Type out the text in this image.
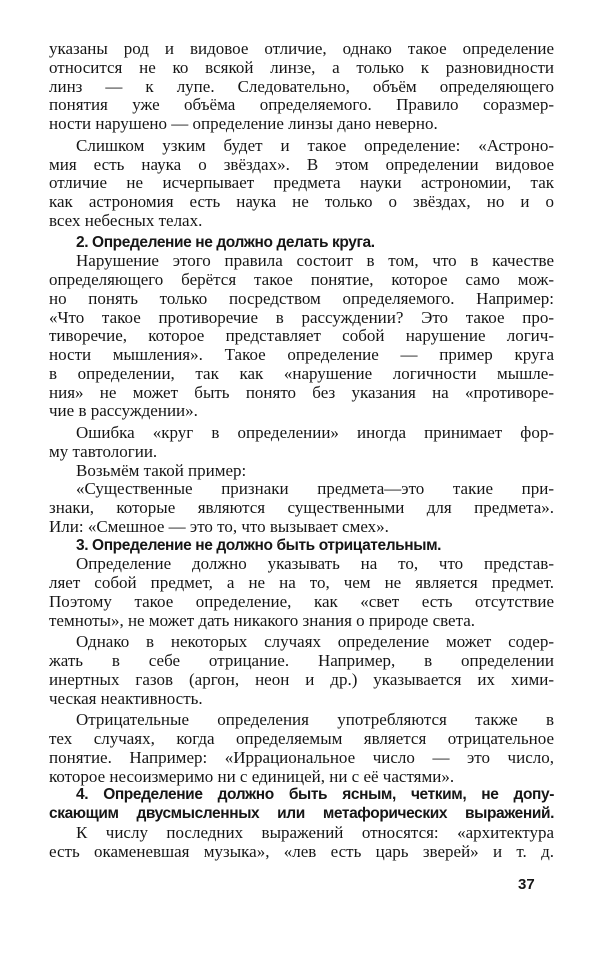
указаны род и видовое отличие, однако такое определение

относится не ко всякой линзе, а только к разновидности

линз — к лупе. Следовательно, объём определяющего

понятия уже объёма определяемого. Правило соразмер-

ности нарушено — определение линзы дано неверно.

Слишком узким будет и такое определение: «Астроно-

мия есть наука о звёздах». В этом определении видовое

отличие не исчерпывает предмета науки астрономии, так

как астрономия есть наука не только о звёздах, но и о

всех небесных телах.

2. Определение не должно делать круга.

Нарушение этого правила состоит в том, что в качестве

определяющего берётся такое понятие, которое само мож-

но понять только посредством определяемого. Например:

«Что такое противоречие в рассуждении? Это такое про-

тиворечие, которое представляет собой нарушение логич-

ности мышления». Такое определение — пример круга

в определении, так как «нарушение логичности мышле-

ния» не может быть понято без указания на «противоре-

чие в рассуждении».

Ошибка «круг в определении» иногда принимает фор-

му тавтологии.

Возьмём такой пример:

«Существенные признаки предмета—это такие при-

знаки, которые являются существенными для предмета».

Или: «Смешное — это то, что вызывает смех».

3. Определение не должно быть отрицательным.

Определение должно указывать на то, что представ-

ляет собой предмет, а не на то, чем не является предмет.

Поэтому такое определение, как «свет есть отсутствие

темноты», не может дать никакого знания о природе света.

Однако в некоторых случаях определение может содер-

жать в себе отрицание. Например, в определении

инертных газов (аргон, неон и др.) указывается их хими-

ческая неактивность.

Отрицательные определения употребляются также в

тех случаях, когда определяемым является отрицательное

понятие. Например: «Иррациональное число — это число,

которое несоизмеримо ни с единицей, ни с её частями».

4. Определение должно быть ясным, четким, не допу-

скающим двусмысленных или метафорических выражений.

К числу последних выражений относятся: «архитектура

есть окаменевшая музыка», «лев есть царь зверей» и т. д.

37
